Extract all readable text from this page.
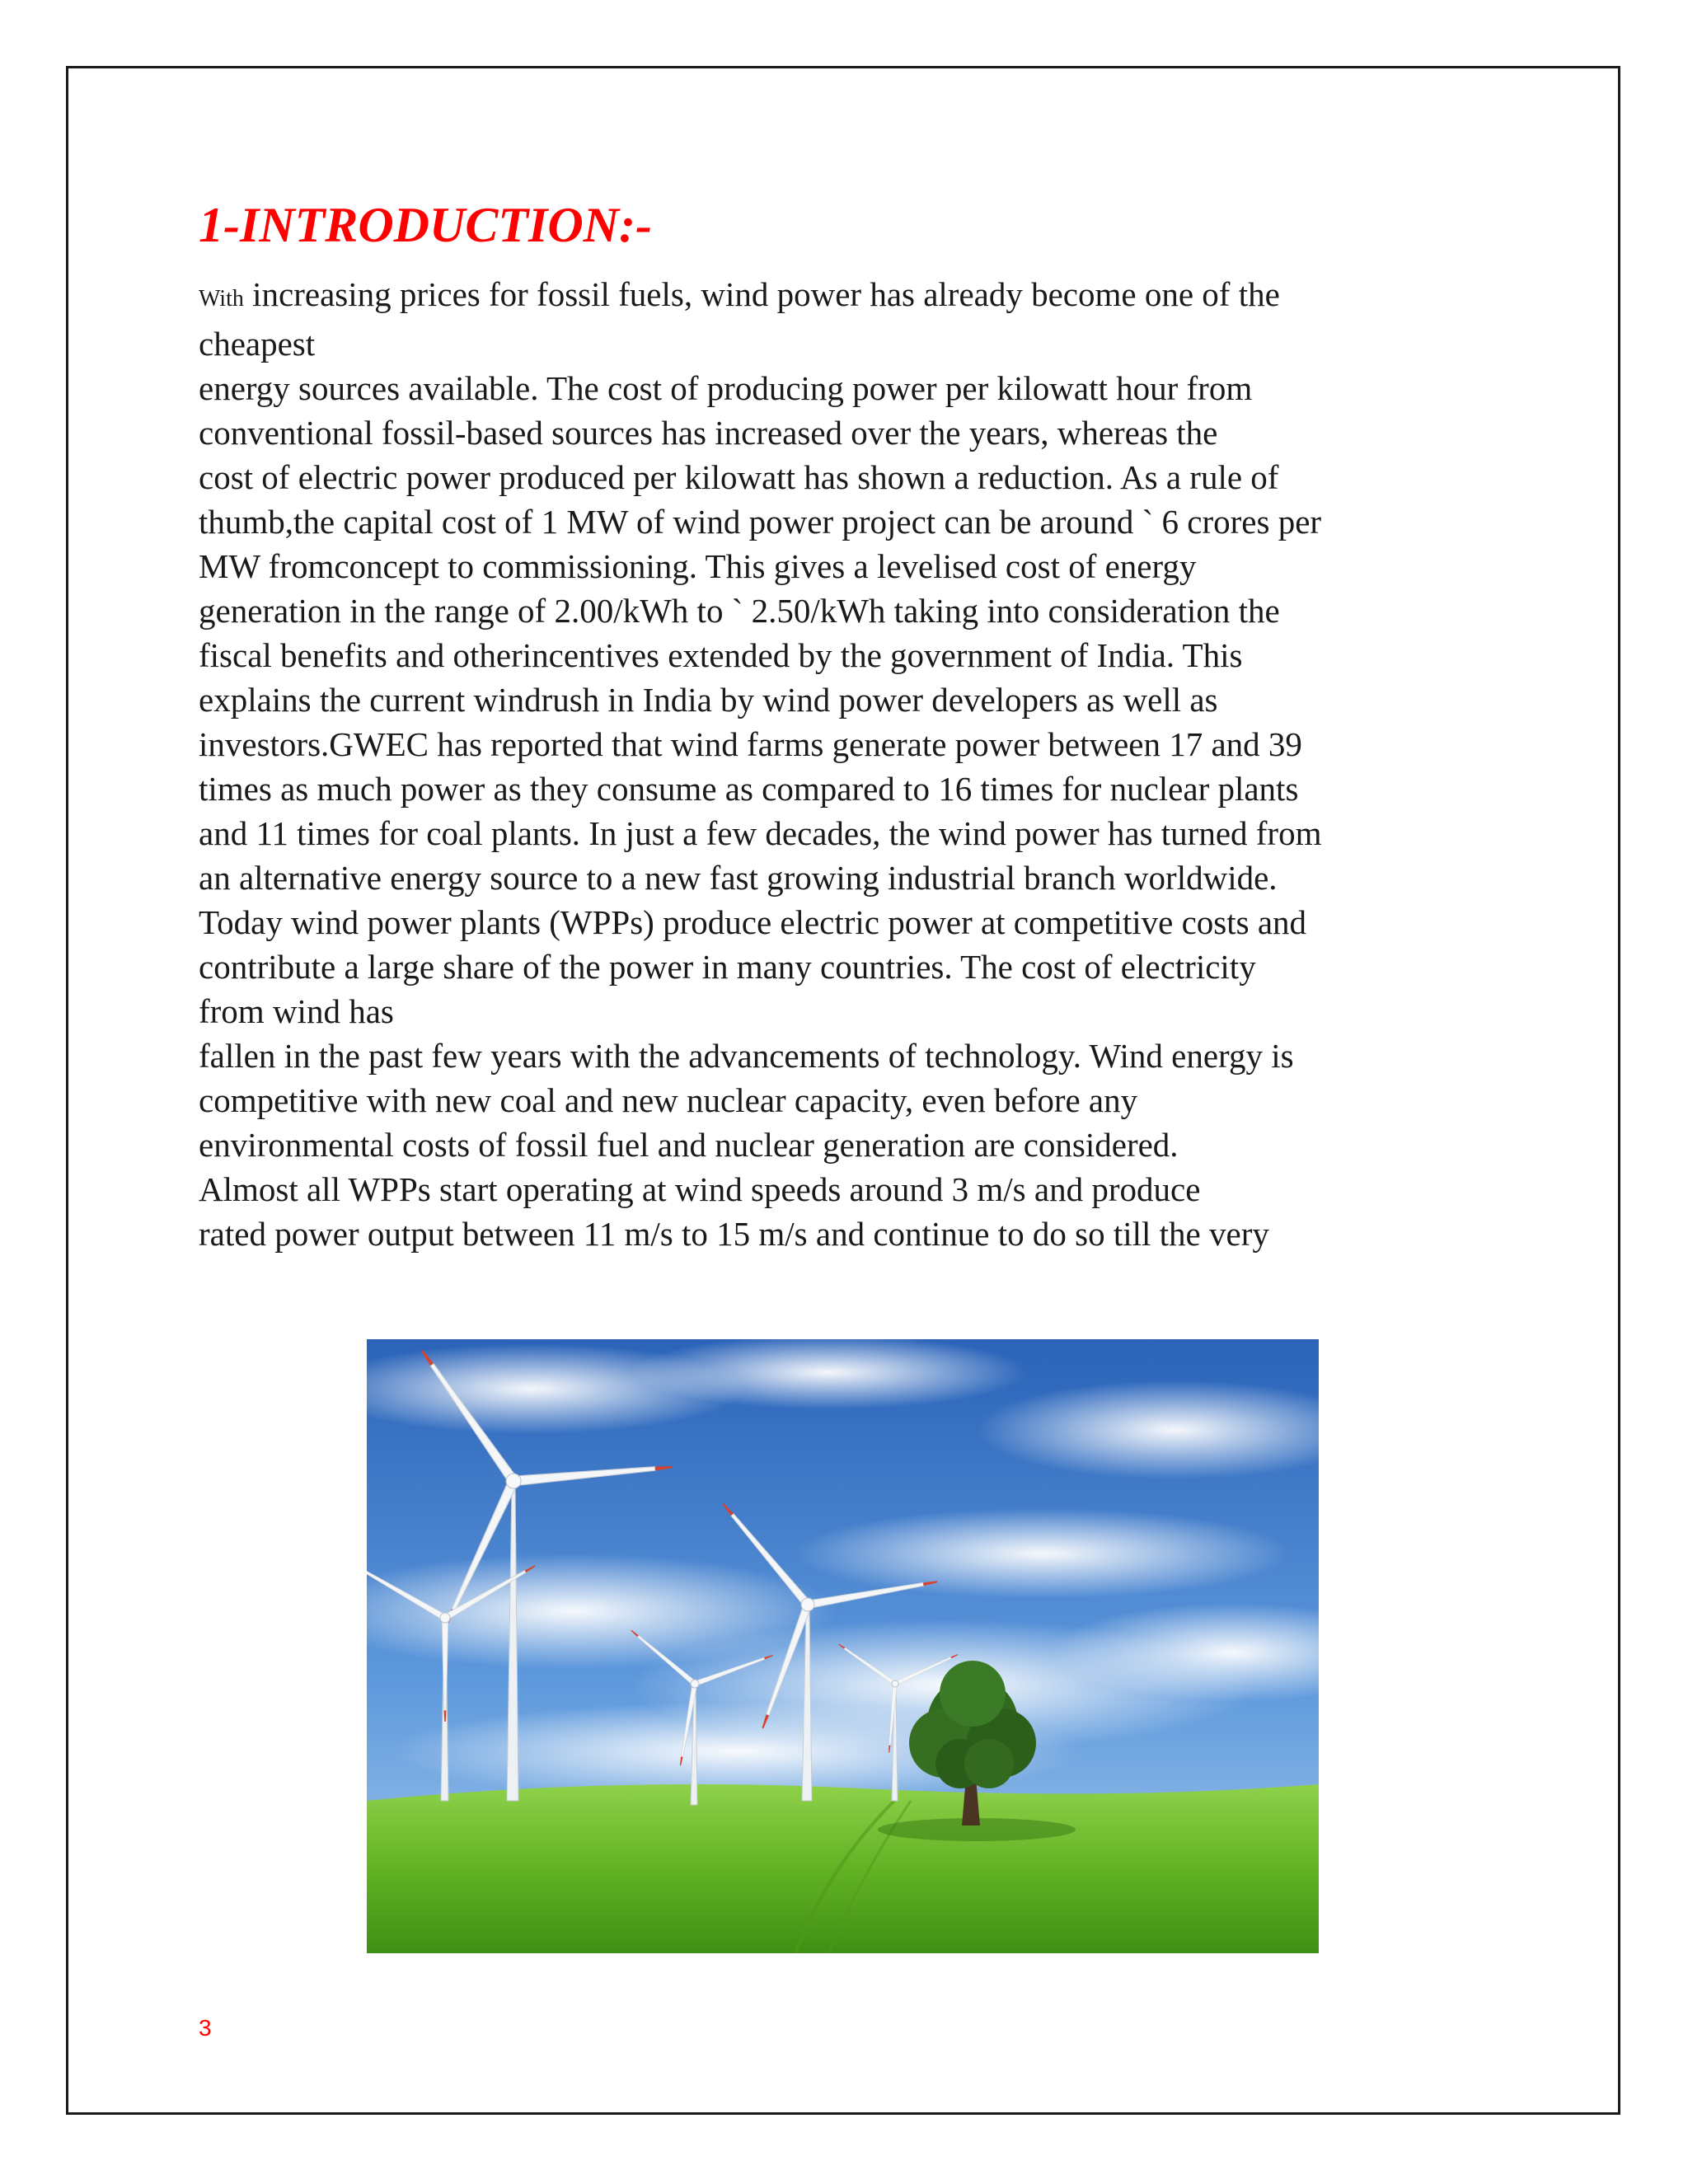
1-INTRODUCTION:-
With increasing prices for fossil fuels, wind power has already become one of the
cheapest
energy sources available. The cost of producing power per kilowatt hour from
conventional fossil-based sources has increased over the years, whereas the
cost of electric power produced per kilowatt has shown a reduction. As a rule of
thumb,the capital cost of 1 MW of wind power project can be around ` 6 crores per
MW fromconcept to commissioning. This gives a levelised cost of energy
generation in the range of 2.00/kWh to ` 2.50/kWh taking into consideration the
fiscal benefits and otherincentives extended by the government of India. This
explains the current windrush in India by wind power developers as well as
investors.GWEC has reported that wind farms generate power between 17 and 39
times as much power as they consume as compared to 16 times for nuclear plants
and 11 times for coal plants. In just a few decades, the wind power has turned from
an alternative energy source to a new fast growing industrial branch worldwide.
Today wind power plants (WPPs) produce electric power at competitive costs and
contribute a large share of the power in many countries. The cost of electricity
from wind has
fallen in the past few years with the advancements of technology. Wind energy is
competitive with new coal and new nuclear capacity, even before any
environmental costs of fossil fuel and nuclear generation are considered.
Almost all WPPs start operating at wind speeds around 3 m/s and produce
rated power output between 11 m/s to 15 m/s and continue to do so till the very
3
